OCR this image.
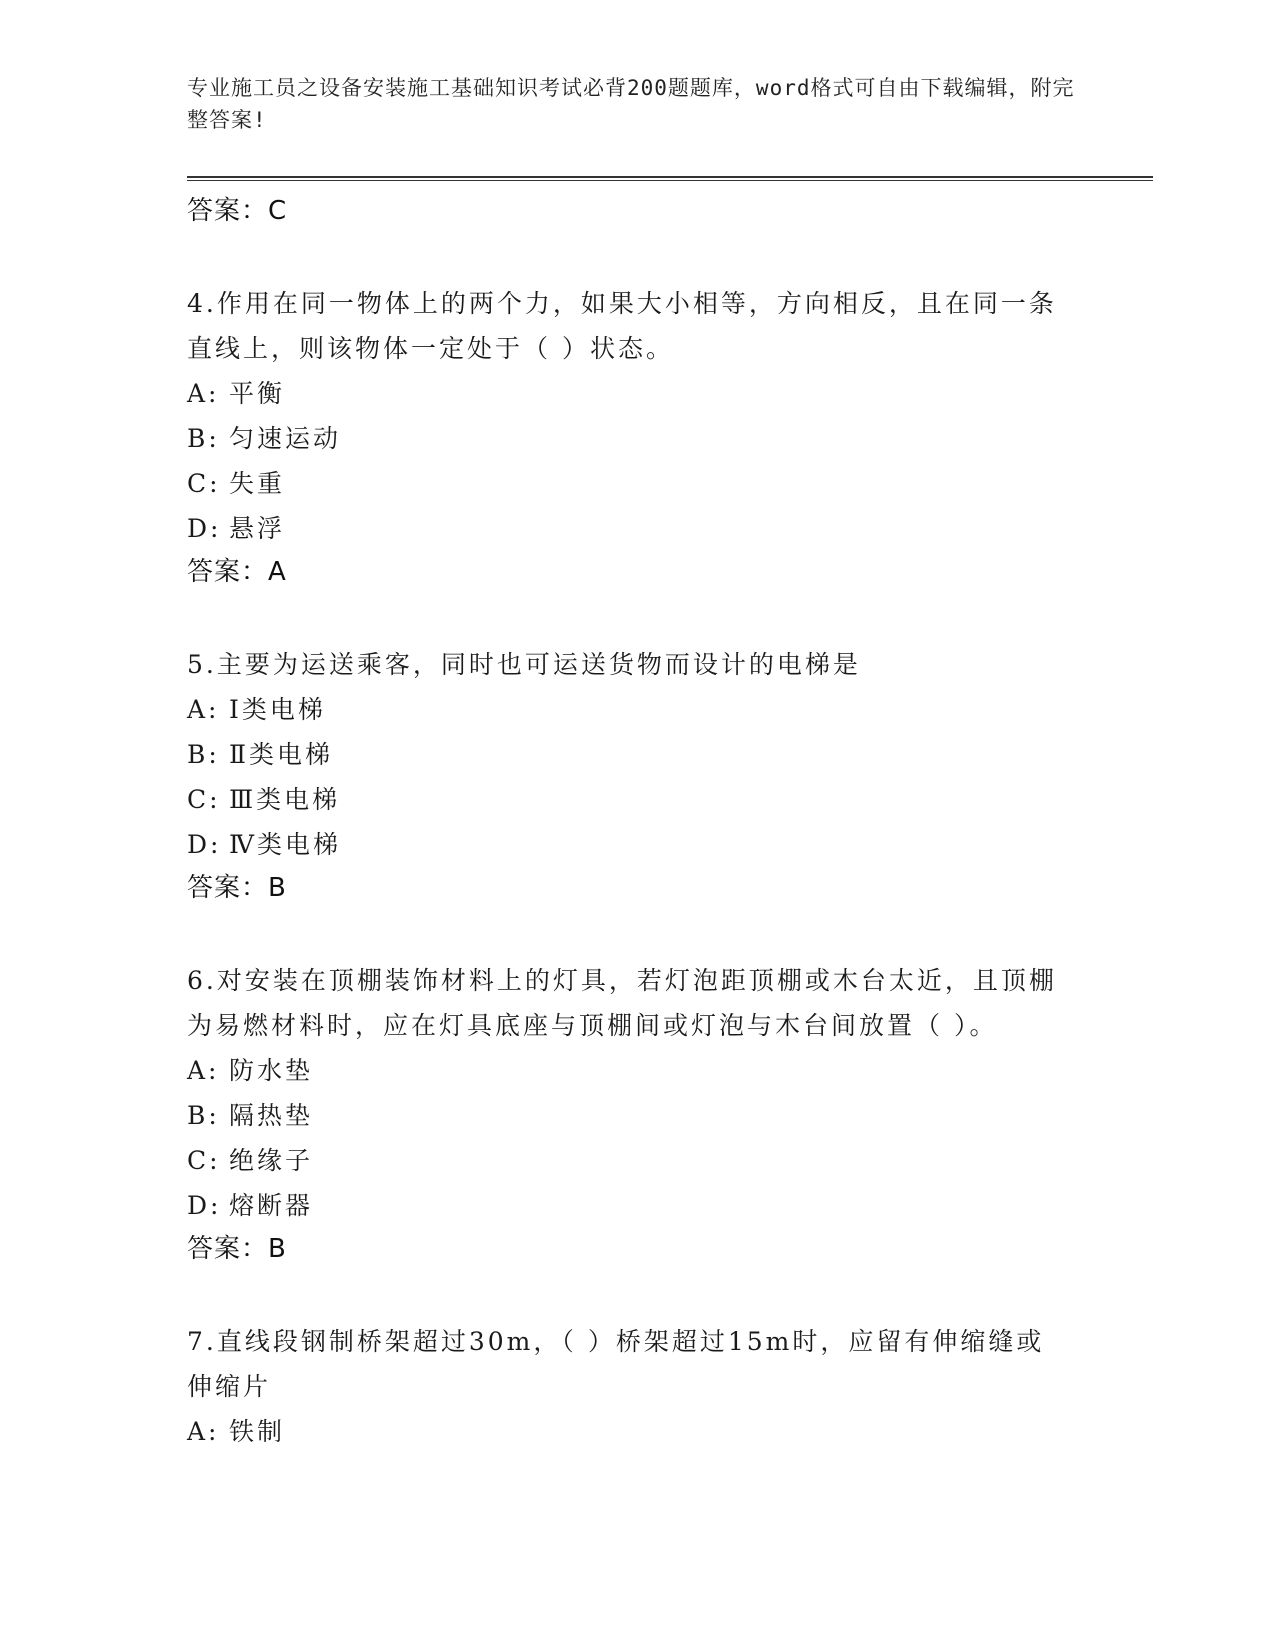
专业施工员之设备安装施工基础知识考试必背200题题库，word格式可自由下载编辑，附完整答案!
答案：C
4.作用在同一物体上的两个力，如果大小相等，方向相反，且在同一条直线上，则该物体一定处于（ ）状态。
A: 平衡
B: 匀速运动
C: 失重
D: 悬浮
答案：A
5.主要为运送乘客，同时也可运送货物而设计的电梯是
A: Ⅰ类电梯
B: Ⅱ类电梯
C: Ⅲ类电梯
D: Ⅳ类电梯
答案：B
6.对安装在顶棚装饰材料上的灯具，若灯泡距顶棚或木台太近，且顶棚为易燃材料时，应在灯具底座与顶棚间或灯泡与木台间放置（ ）。
A: 防水垫
B: 隔热垫
C: 绝缘子
D: 熔断器
答案：B
7.直线段钢制桥架超过30m，（ ）桥架超过15m时，应留有伸缩缝或伸缩片
A: 铁制
